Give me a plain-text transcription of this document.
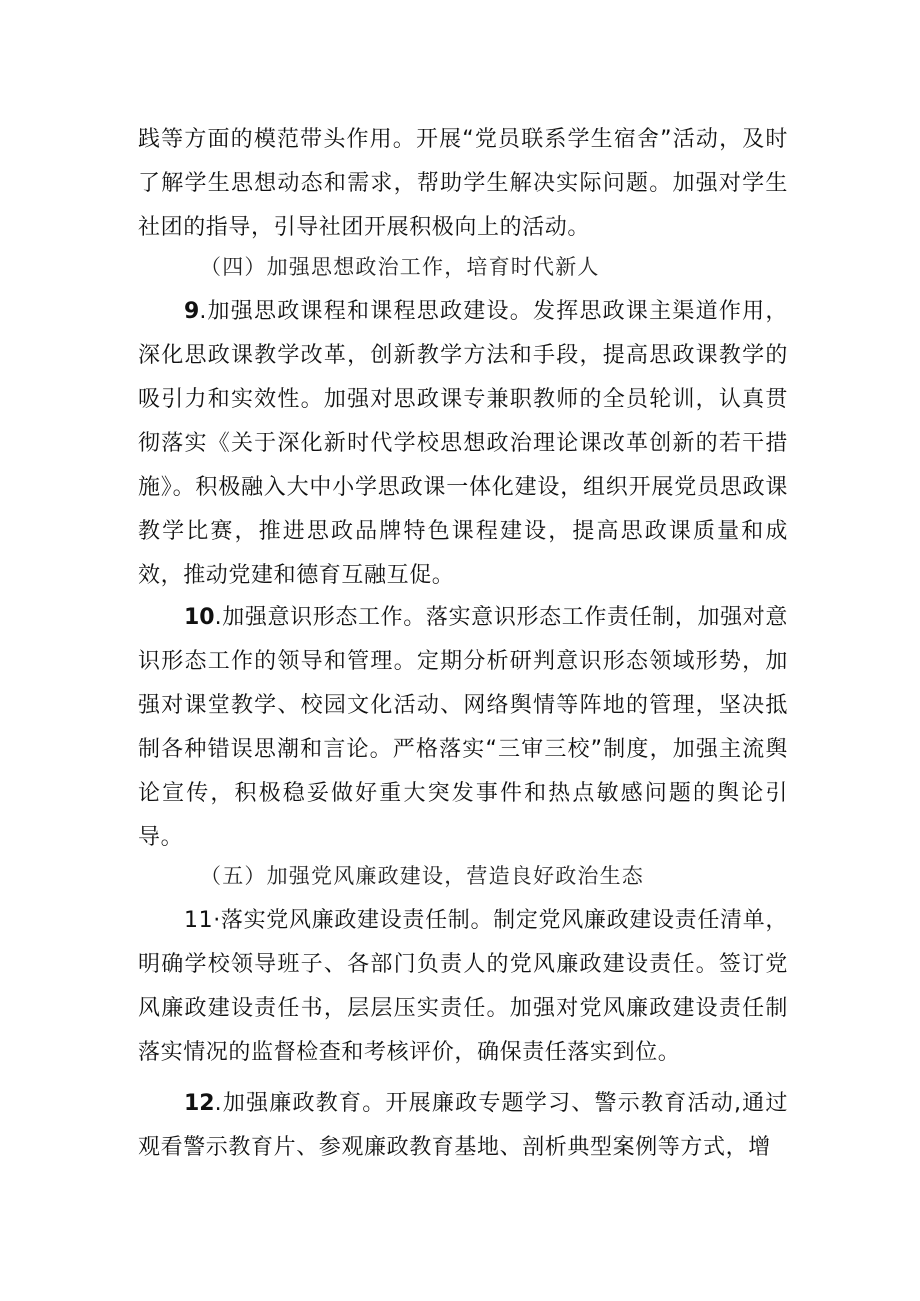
践等方面的模范带头作用。开展“党员联系学生宿舍”活动，及时了解学生思想动态和需求，帮助学生解决实际问题。加强对学生社团的指导，引导社团开展积极向上的活动。

（四）加强思想政治工作，培育时代新人

9.加强思政课程和课程思政建设。发挥思政课主渠道作用，深化思政课教学改革，创新教学方法和手段，提高思政课教学的吸引力和实效性。加强对思政课专兼职教师的全员轮训，认真贯彻落实《关于深化新时代学校思想政治理论课改革创新的若干措施》。积极融入大中小学思政课一体化建设，组织开展党员思政课教学比赛，推进思政品牌特色课程建设，提高思政课质量和成效，推动党建和德育互融互促。

10.加强意识形态工作。落实意识形态工作责任制，加强对意识形态工作的领导和管理。定期分析研判意识形态领域形势，加强对课堂教学、校园文化活动、网络舆情等阵地的管理，坚决抵制各种错误思潮和言论。严格落实“三审三校”制度，加强主流舆论宣传，积极稳妥做好重大突发事件和热点敏感问题的舆论引导。

（五）加强党风廉政建设，营造良好政治生态

11·落实党风廉政建设责任制。制定党风廉政建设责任清单，明确学校领导班子、各部门负责人的党风廉政建设责任。签订党风廉政建设责任书，层层压实责任。加强对党风廉政建设责任制落实情况的监督检查和考核评价，确保责任落实到位。

12.加强廉政教育。开展廉政专题学习、警示教育活动,通过观看警示教育片、参观廉政教育基地、剖析典型案例等方式，增
